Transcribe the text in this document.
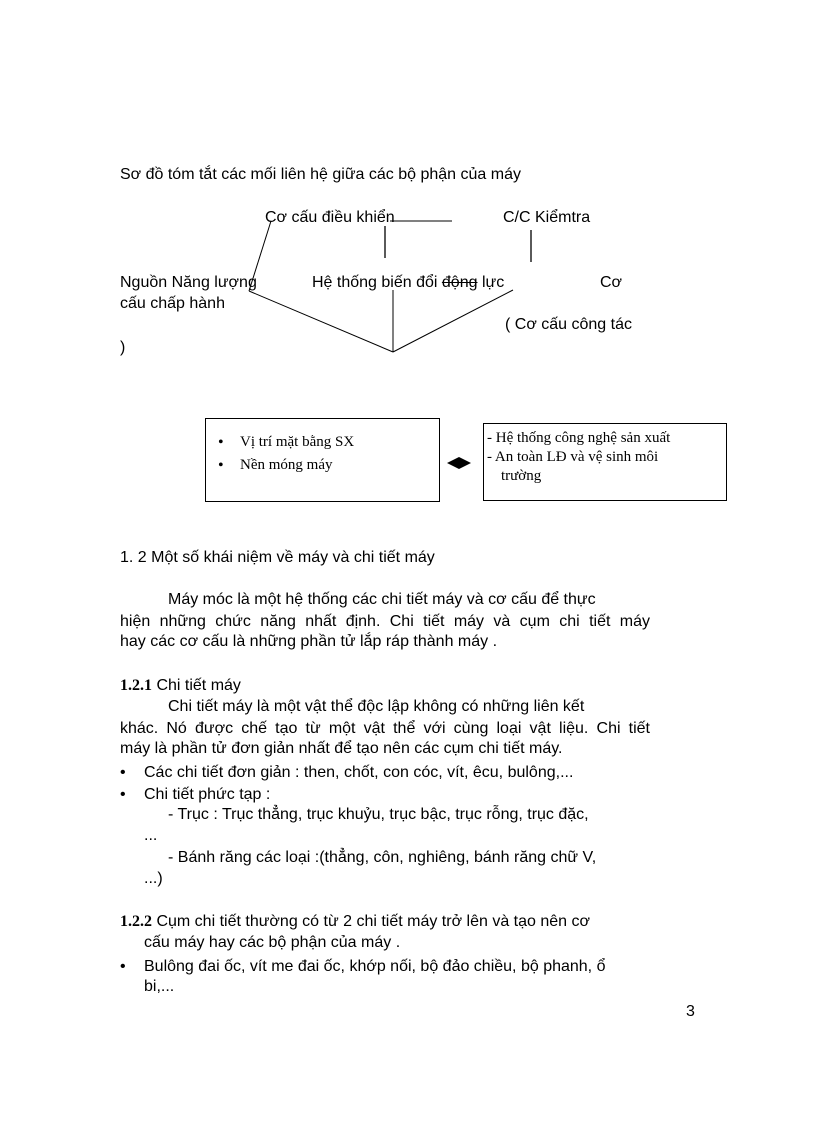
Sơ đồ tóm tắt các mối liên hệ giữa các bộ phận của máy
Cơ cấu điều khiển	C/C Kiểmtra
Nguồn Năng lượng	Hệ thống biến đổi động lực	Cơ
cấu chấp hành
( Cơ cấu công tác
)
• Vị trí mặt bằng SX
• Nền móng máy
- Hệ thống công nghệ sản xuất
- An toàn LĐ và vệ sinh môi
trường
1. 2 Một số khái niệm về máy và chi tiết máy
Máy móc là một hệ thống các chi tiết máy và cơ cấu để thực
hiện những chức năng nhất định. Chi tiết máy và cụm chi tiết máy
hay các cơ cấu là những phần tử lắp ráp thành máy .
1.2.1 Chi tiết máy
Chi tiết máy là một vật thể độc lập không có những liên kết
khác. Nó được chế tạo từ một vật thể với cùng loại vật liệu. Chi tiết
máy là phần tử đơn giản nhất để tạo nên các cụm chi tiết máy.
• Các chi tiết đơn giản : then, chốt, con cóc, vít, êcu, bulông,...
• Chi tiết phức tạp :
- Trục : Trục thẳng, trục khuỷu, trục bậc, trục rỗng, trục đặc,
...
- Bánh răng các loại :(thẳng, côn, nghiêng, bánh răng chữ V,
...)
1.2.2 Cụm chi tiết thường có từ 2 chi tiết máy trở lên và tạo nên cơ
cấu máy hay các bộ phận của máy .
• Bulông đai ốc, vít me đai ốc, khớp nối, bộ đảo chiều, bộ phanh, ổ
bi,...
3
